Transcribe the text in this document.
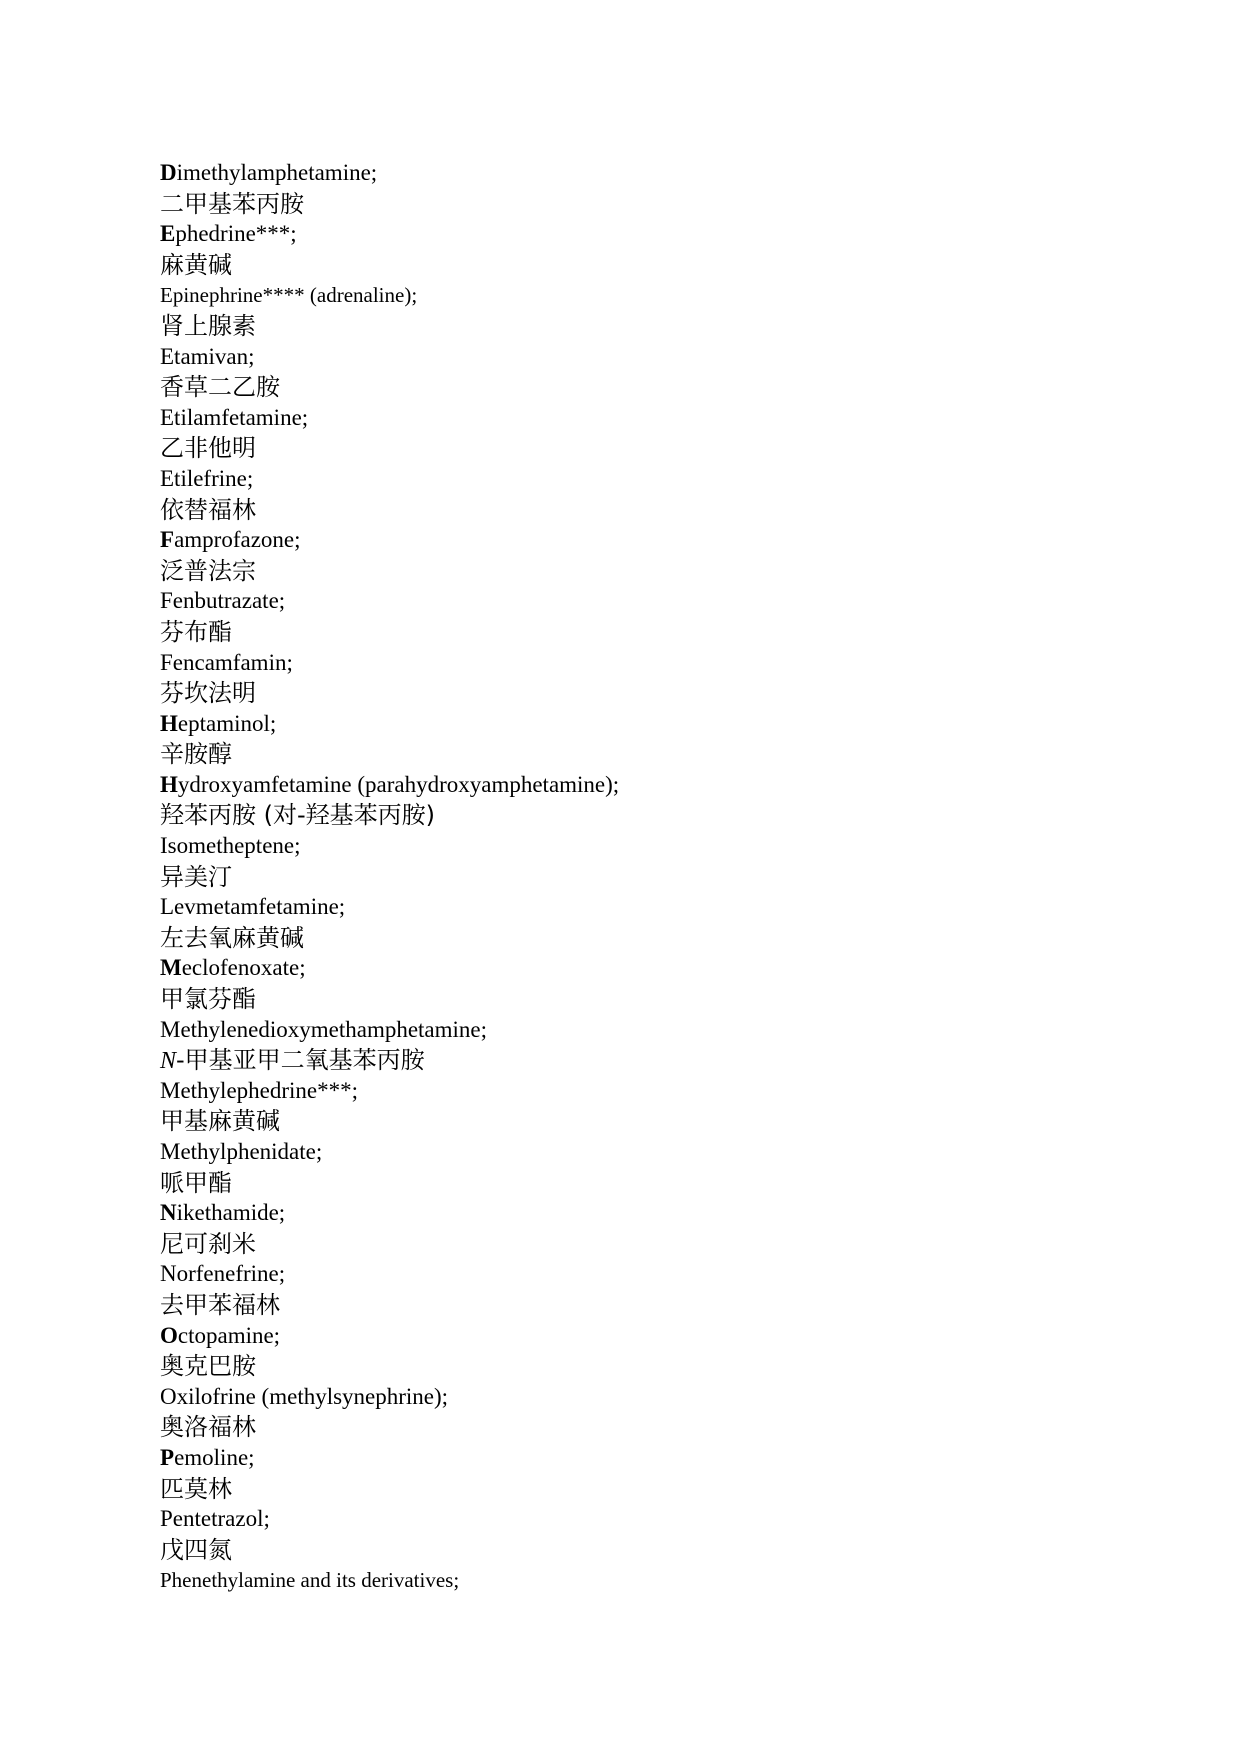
Dimethylamphetamine;
二甲基苯丙胺
Ephedrine***;
麻黄碱
Epinephrine**** (adrenaline);
肾上腺素
Etamivan;
香草二乙胺
Etilamfetamine;
乙非他明
Etilefrine;
依替福林
Famprofazone;
泛普法宗
Fenbutrazate;
芬布酯
Fencamfamin;
芬坎法明
Heptaminol;
辛胺醇
Hydroxyamfetamine (parahydroxyamphetamine);
羟苯丙胺 (对-羟基苯丙胺)
Isometheptene;
异美汀
Levmetamfetamine;
左去氧麻黄碱
Meclofenoxate;
甲氯芬酯
Methylenedioxymethamphetamine;
N-甲基亚甲二氧基苯丙胺
Methylephedrine***;
甲基麻黄碱
Methylphenidate;
哌甲酯
Nikethamide;
尼可刹米
Norfenefrine;
去甲苯福林
Octopamine;
奥克巴胺
Oxilofrine (methylsynephrine);
奥洛福林
Pemoline;
匹莫林
Pentetrazol;
戊四氮
Phenethylamine and its derivatives;
